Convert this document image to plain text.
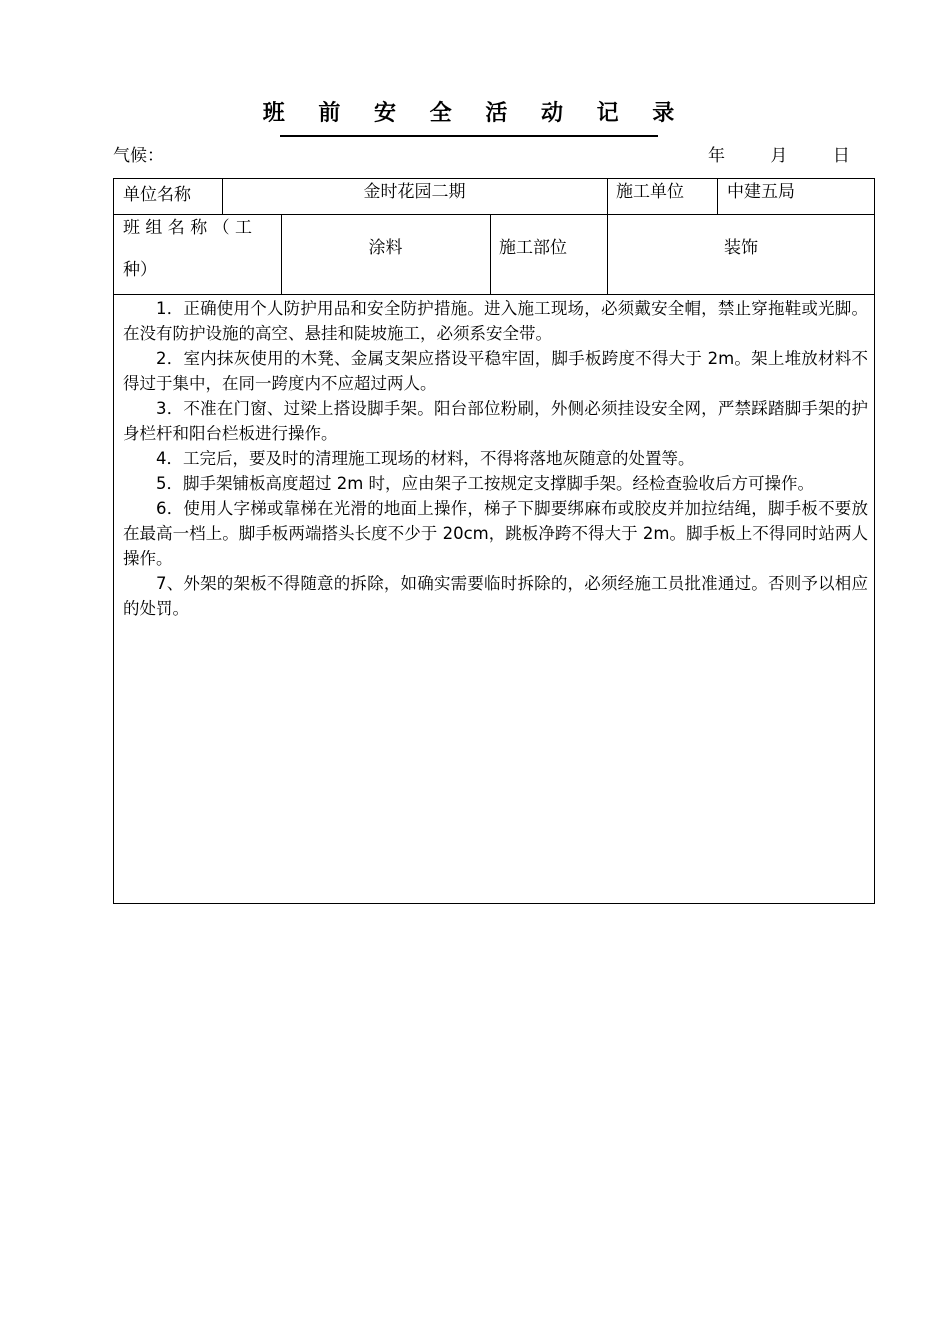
班 前 安 全 活 动 记 录
气候：	年	月	日
单位名称	金时花园二期	施工单位	中建五局
班 组 名 称 （ 工
种）
涂料	施工部位	装饰

1．正确使用个人防护用品和安全防护措施。进入施工现场，必须戴安全帽，禁止穿拖鞋或光脚。在没有防护设施的高空、悬挂和陡坡施工，必须系安全带。

2．室内抹灰使用的木凳、金属支架应搭设平稳牢固，脚手板跨度不得大于 2m。架上堆放材料不得过于集中，在同一跨度内不应超过两人。

3．不准在门窗、过梁上搭设脚手架。阳台部位粉刷，外侧必须挂设安全网，严禁踩踏脚手架的护身栏杆和阳台栏板进行操作。

4．工完后，要及时的清理施工现场的材料，不得将落地灰随意的处置等。

5．脚手架铺板高度超过 2m 时，应由架子工按规定支撑脚手架。经检查验收后方可操作。

6．使用人字梯或靠梯在光滑的地面上操作，梯子下脚要绑麻布或胶皮并加拉结绳，脚手板不要放在最高一档上。脚手板两端搭头长度不少于 20cm，跳板净跨不得大于 2m。脚手板上不得同时站两人操作。

7、外架的架板不得随意的拆除，如确实需要临时拆除的，必须经施工员批准通过。否则予以相应的处罚。
